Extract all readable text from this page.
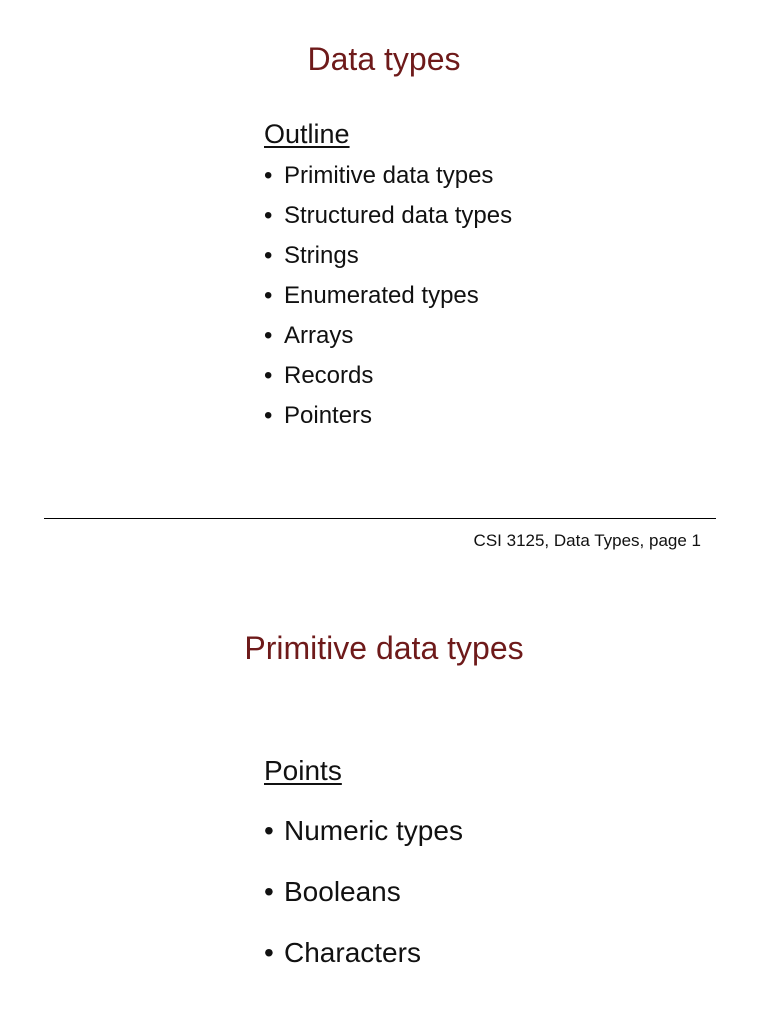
Data types
Outline
• Primitive data types
• Structured data types
• Strings
• Enumerated types
• Arrays
• Records
• Pointers
CSI 3125, Data Types, page 1
Primitive data types
Points
• Numeric types
• Booleans
• Characters
